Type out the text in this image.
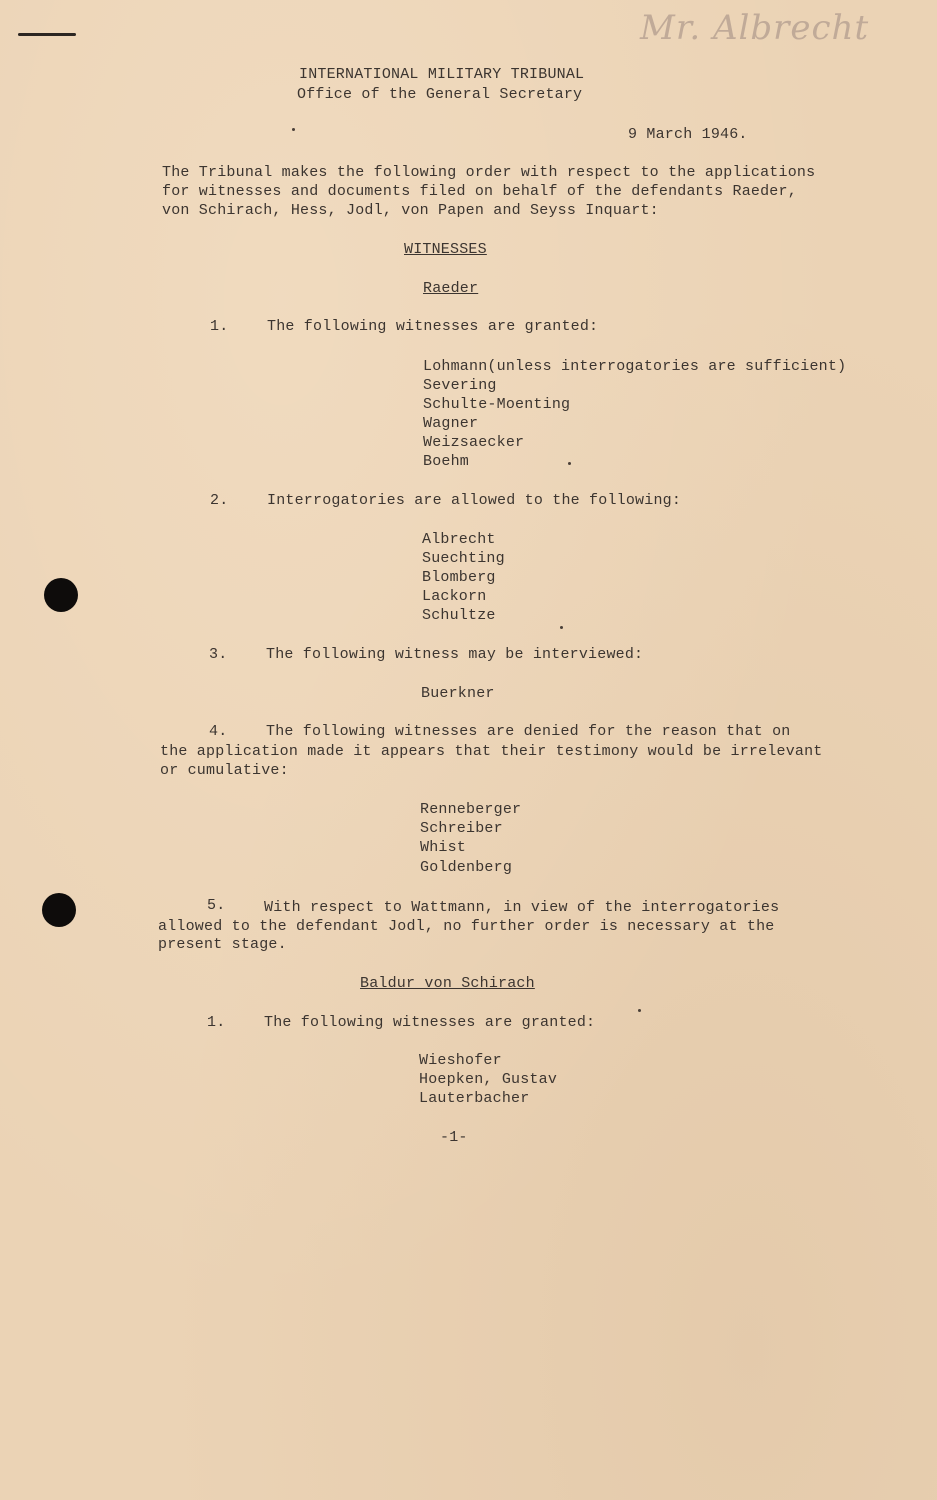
Mr. Albrecht

INTERNATIONAL MILITARY TRIBUNAL

Office of the General Secretary

9 March 1946.

The Tribunal makes the following order with respect to the applications

for witnesses and documents filed on behalf of the defendants Raeder,

von Schirach, Hess, Jodl, von Papen and Seyss Inquart:

WITNESSES

Raeder

1.	The following witnesses are granted:

Lohmann(unless interrogatories are sufficient)

Severing

Schulte-Moenting

Wagner

Weizsaecker

Boehm

2.	Interrogatories are allowed to the following:

Albrecht

Suechting

Blomberg

Lackorn

Schultze

3.	The following witness may be interviewed:

Buerkner

4.	The following witnesses are denied for the reason that on

the application made it appears that their testimony would be irrelevant

or cumulative:

Renneberger

Schreiber

Whist

Goldenberg

5.	With respect to Wattmann, in view of the interrogatories

allowed to the defendant Jodl, no further order is necessary at the

present stage.

Baldur von Schirach

1.	The following witnesses are granted:

Wieshofer

Hoepken, Gustav

Lauterbacher

-1-
